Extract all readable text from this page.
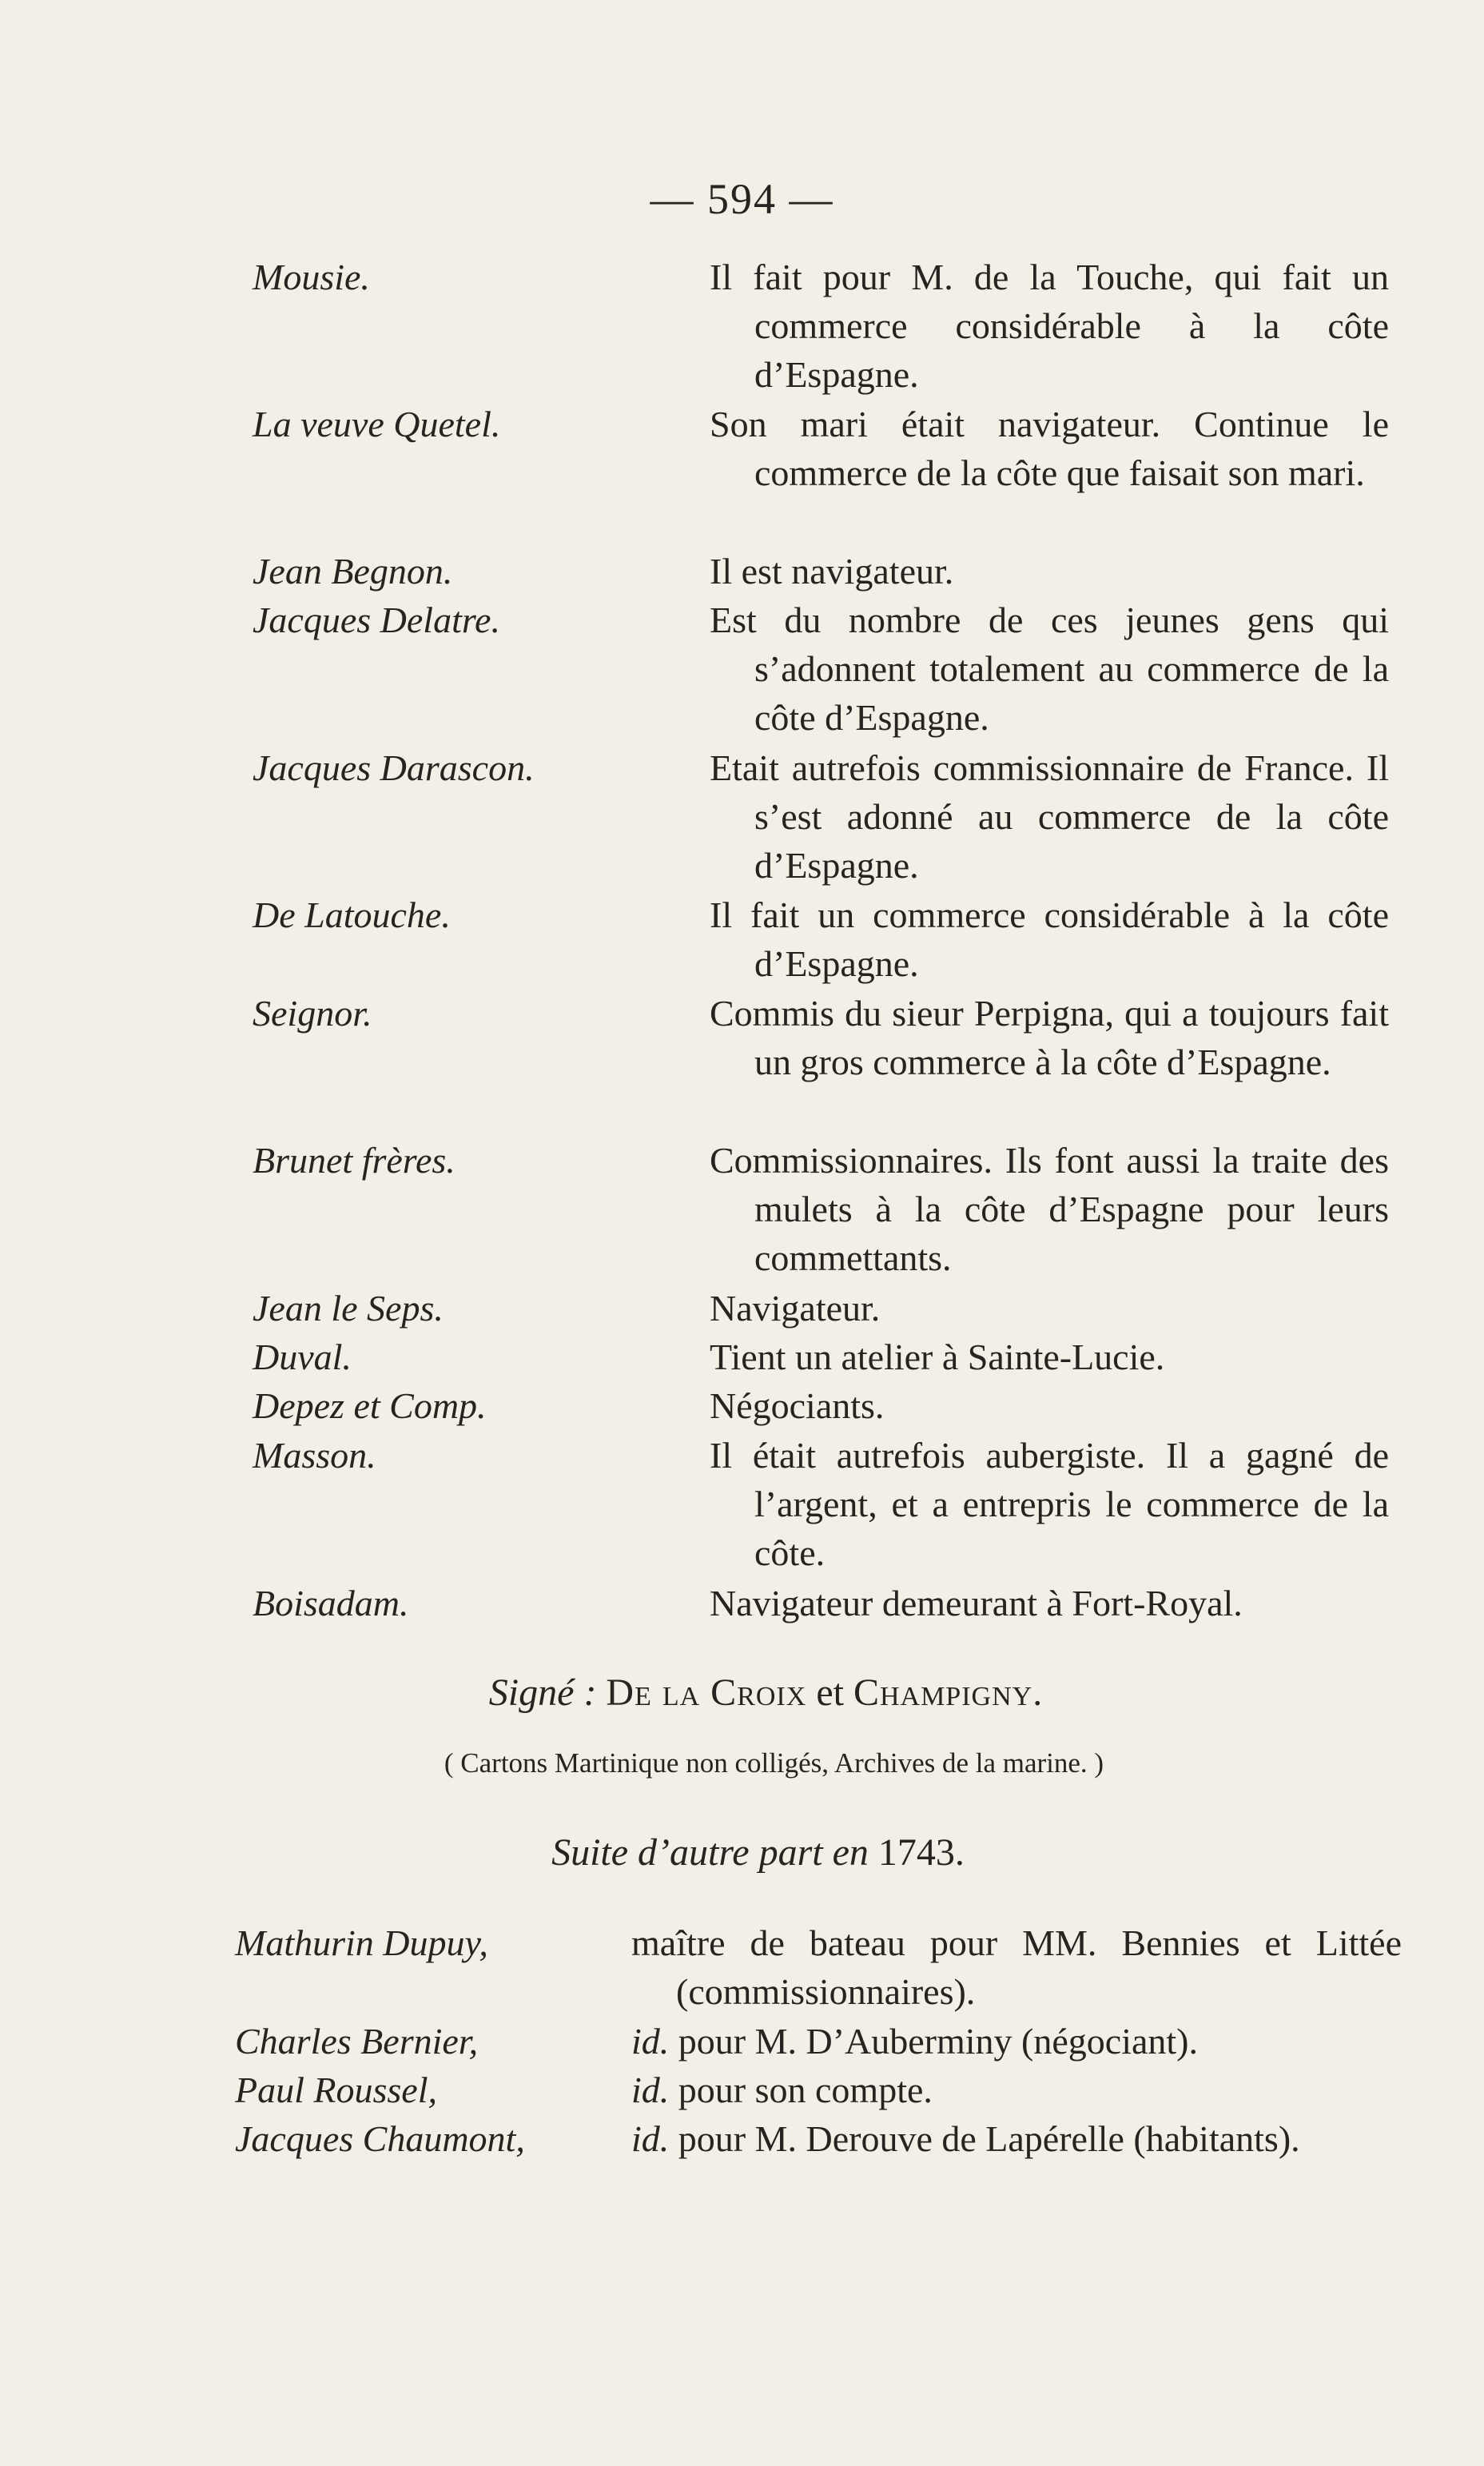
— 594 —
Mousie.	Il fait pour M. de la Touche, qui fait un commerce considérable à la côte d’Espagne.
La veuve Quetel.	Son mari était navigateur. Continue le commerce de la côte que faisait son mari.
Jean Begnon.	Il est navigateur.
Jacques Delatre.	Est du nombre de ces jeunes gens qui s’adonnent totalement au commerce de la côte d’Espagne.
Jacques Darascon.	Etait autrefois commissionnaire de France. Il s’est adonné au commerce de la côte d’Espagne.
De Latouche.	Il fait un commerce considérable à la côte d’Espagne.
Seignor.	Commis du sieur Perpigna, qui a toujours fait un gros commerce à la côte d’Espagne.
Brunet frères.	Commissionnaires. Ils font aussi la traite des mulets à la côte d’Espagne pour leurs commettants.
Jean le Seps.	Navigateur.
Duval.	Tient un atelier à Sainte-Lucie.
Depez et Comp.	Négociants.
Masson.	Il était autrefois aubergiste. Il a gagné de l’argent, et a entrepris le commerce de la côte.
Boisadam.	Navigateur demeurant à Fort-Royal.
Signé : De la Croix et Champigny.
( Cartons Martinique non colligés, Archives de la marine. )
Suite d’autre part en 1743.
Mathurin Dupuy,	maître de bateau pour MM. Bennies et Littée (commissionnaires).
Charles Bernier,	id. pour M. D’Auberminy (négociant).
Paul Roussel,	id. pour son compte.
Jacques Chaumont,	id. pour M. Derouve de Lapérelle (habitants).
